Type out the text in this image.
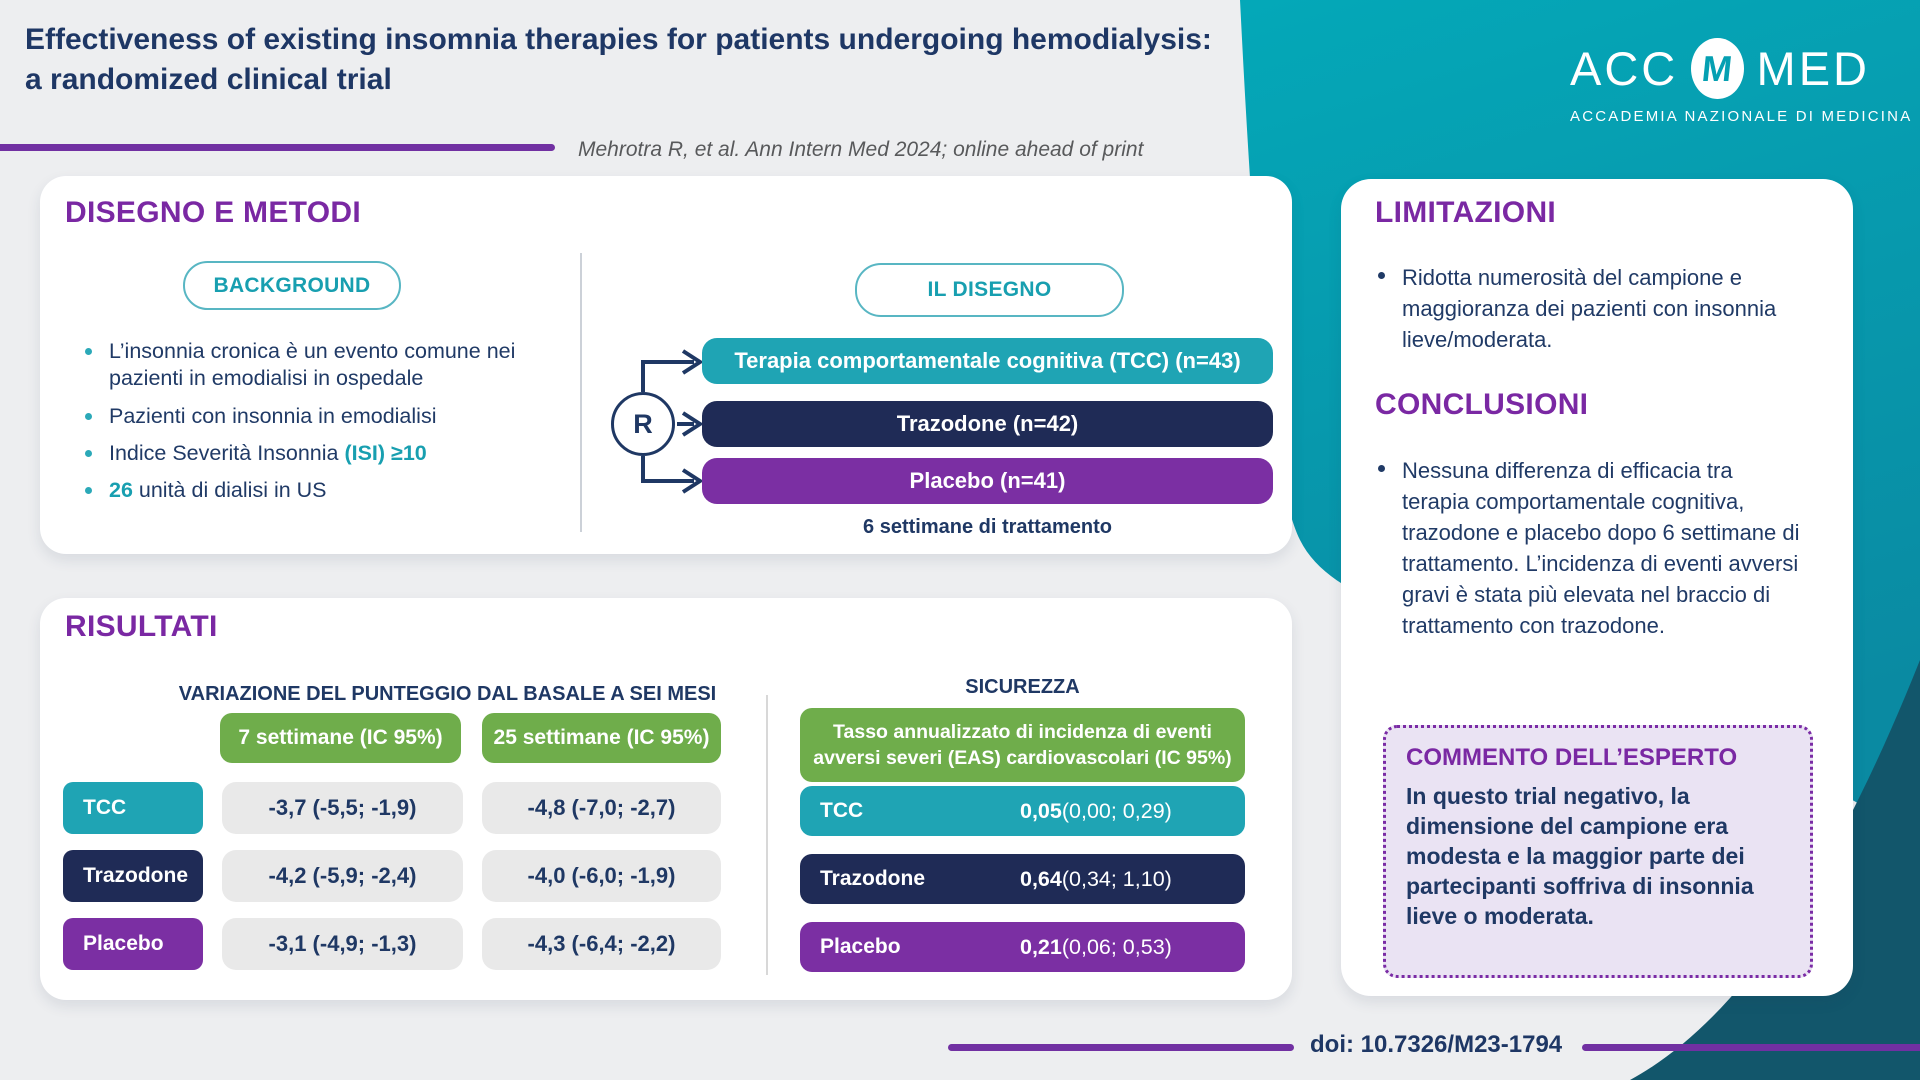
Effectiveness of existing insomnia therapies for patients undergoing hemodialysis:
a randomized clinical trial
Mehrotra R, et al. Ann Intern Med 2024; online ahead of print
ACC M MED
ACCADEMIA NAZIONALE DI MEDICINA
DISEGNO E METODI
BACKGROUND
L’insonnia cronica è un evento comune nei pazienti in emodialisi in ospedale
Pazienti con insonnia in emodialisi
Indice Severità Insonnia (ISI) ≥10
26 unità di dialisi in US
IL DISEGNO
R
Terapia comportamentale cognitiva (TCC) (n=43)
Trazodone (n=42)
Placebo (n=41)
6 settimane di trattamento
RISULTATI
VARIAZIONE DEL PUNTEGGIO DAL BASALE A SEI MESI
7 settimane (IC 95%)	25 settimane (IC 95%)
TCC	-3,7 (-5,5; -1,9)	-4,8 (-7,0; -2,7)
Trazodone	-4,2 (-5,9; -2,4)	-4,0 (-6,0; -1,9)
Placebo	-3,1 (-4,9; -1,3)	-4,3 (-6,4; -2,2)
SICUREZZA
Tasso annualizzato di incidenza di eventi
avversi severi (EAS) cardiovascolari (IC 95%)
TCC	0,05 (0,00; 0,29)
Trazodone	0,64 (0,34; 1,10)
Placebo	0,21 (0,06; 0,53)
LIMITAZIONI
Ridotta numerosità del campione e maggioranza dei pazienti con insonnia lieve/moderata.
CONCLUSIONI
Nessuna differenza di efficacia tra terapia comportamentale cognitiva, trazodone e placebo dopo 6 settimane di trattamento. L’incidenza di eventi avversi gravi è stata più elevata nel braccio di trattamento con trazodone.
COMMENTO DELL’ESPERTO
In questo trial negativo, la dimensione del campione era modesta e la maggior parte dei partecipanti soffriva di insonnia lieve o moderata.
doi: 10.7326/M23-1794
